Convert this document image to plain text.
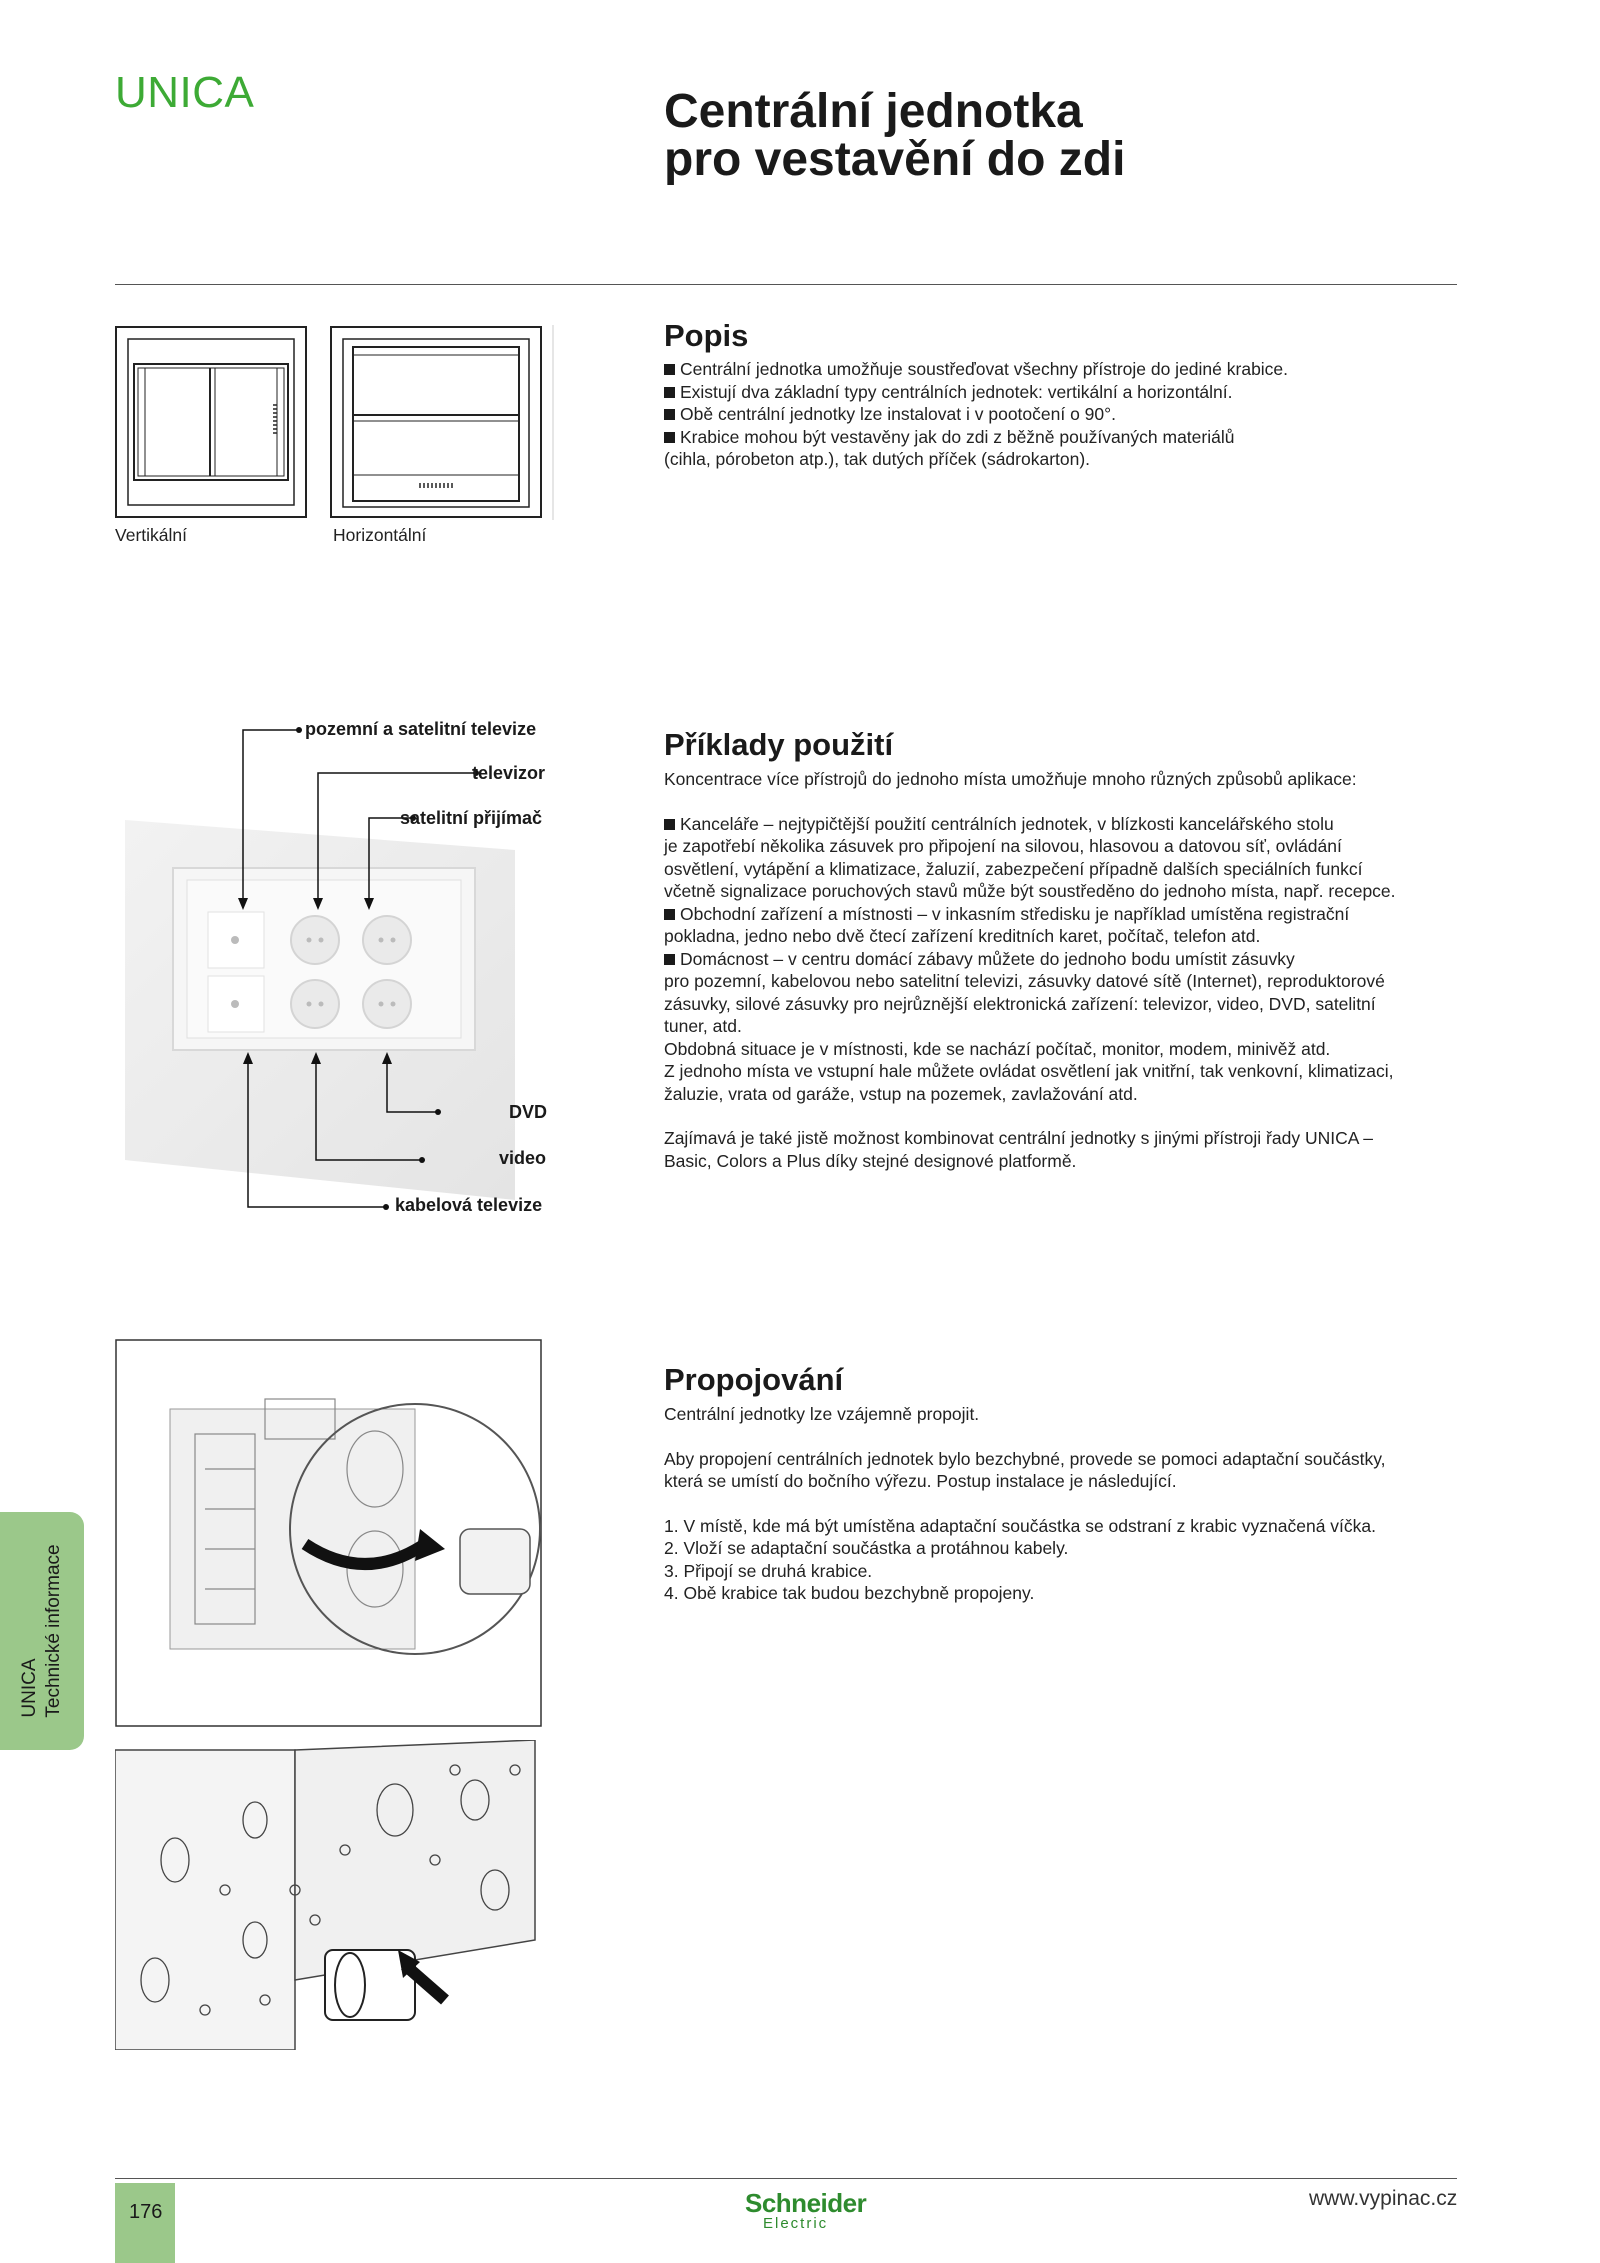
UNICA	Centrální jednotka
pro vestavění do zdi
Vertikální	Horizontální
Popis

Centrální jednotka umožňuje soustřeďovat všechny přístroje do jediné krabice.

Existují dva základní typy centrálních jednotek: vertikální a horizontální.

Obě centrální jednotky lze instalovat i v pootočení o 90°.

Krabice mohou být vestavěny jak do zdi z běžně používaných materiálů

(cihla, pórobeton atp.), tak dutých příček (sádrokarton).

pozemní a satelitní televize
televizor
satelitní přijímač
DVD
video
kabelová televize
Příklady použití

Koncentrace více přístrojů do jednoho místa umožňuje mnoho různých způsobů aplikace:

Kanceláře – nejtypičtější použití centrálních jednotek, v blízkosti kancelářského stolu

je zapotřebí několika zásuvek pro připojení na silovou, hlasovou a datovou síť, ovládání

osvětlení, vytápění a klimatizace, žaluzií, zabezpečení případně dalších speciálních funkcí

včetně signalizace poruchových stavů může být soustředěno do jednoho místa, např. recepce.

Obchodní zařízení a místnosti – v inkasním středisku je například umístěna registrační

pokladna, jedno nebo dvě čtecí zařízení kreditních karet, počítač, telefon atd.

Domácnost – v centru domácí zábavy můžete do jednoho bodu umístit zásuvky

pro pozemní, kabelovou nebo satelitní televizi, zásuvky datové sítě (Internet), reproduktorové

zásuvky, silové zásuvky pro nejrůznější elektronická zařízení: televizor, video, DVD, satelitní

tuner, atd.

Obdobná situace je v místnosti, kde se nachází počítač, monitor, modem, minivěž atd.

Z jednoho místa ve vstupní hale můžete ovládat osvětlení jak vnitřní, tak venkovní, klimatizaci,

žaluzie, vrata od garáže, vstup na pozemek, zavlažování atd.

Zajímavá je také jistě možnost kombinovat centrální jednotky s jinými přístroji řady UNICA –

Basic, Colors a Plus díky stejné designové platformě.

Propojování

Centrální jednotky lze vzájemně propojit.

Aby propojení centrálních jednotek bylo bezchybné, provede se pomoci adaptační součástky,

která se umístí do bočního výřezu. Postup instalace je následující.

1. V místě, kde má být umístěna adaptační součástka se odstraní z krabic vyznačená víčka.

2. Vloží se adaptační součástka a protáhnou kabely.

3. Připojí se druhá krabice.

4. Obě krabice tak budou bezchybně propojeny.

UNICA Technické informace
176	Schneider
Electric
www.vypinac.cz
